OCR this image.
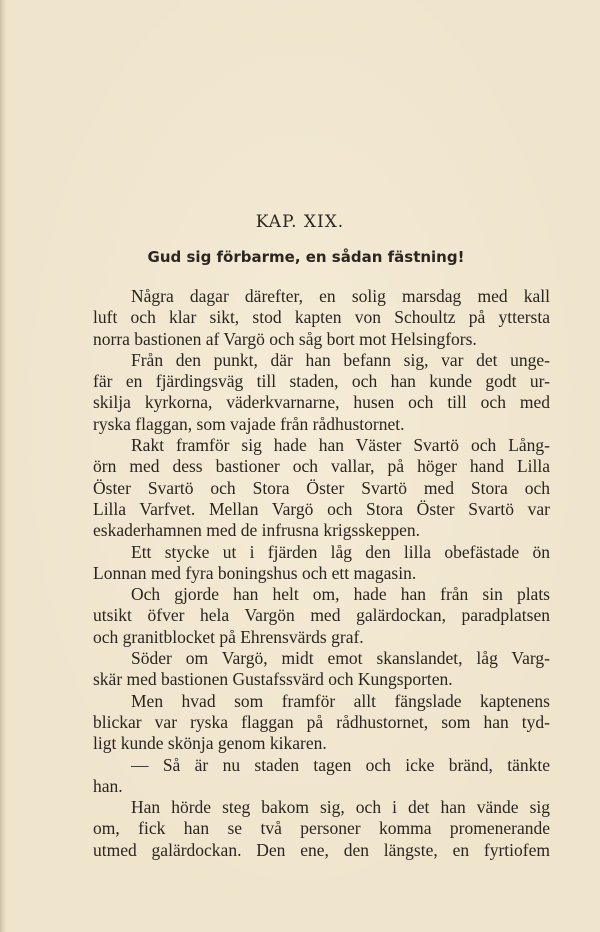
KAP. XIX.
Gud sig förbarme, en sådan fästning!
Några dagar därefter, en solig marsdag med kall
luft och klar sikt, stod kapten von Schoultz på yttersta
norra bastionen af Vargö och såg bort mot Helsingfors.
Från den punkt, där han befann sig, var det unge-
fär en fjärdingsväg till staden, och han kunde godt ur-
skilja kyrkorna, väderkvarnarne, husen och till och med
ryska flaggan, som vajade från rådhustornet.
Rakt framför sig hade han Väster Svartö och Lång-
örn med dess bastioner och vallar, på höger hand Lilla
Öster Svartö och Stora Öster Svartö med Stora och
Lilla Varfvet. Mellan Vargö och Stora Öster Svartö var
eskaderhamnen med de infrusna krigsskeppen.
Ett stycke ut i fjärden låg den lilla obefästade ön
Lonnan med fyra boningshus och ett magasin.
Och gjorde han helt om, hade han från sin plats
utsikt öfver hela Vargön med galärdockan, paradplatsen
och granitblocket på Ehrensvärds graf.
Söder om Vargö, midt emot skanslandet, låg Varg-
skär med bastionen Gustafssvärd och Kungsporten.
Men hvad som framför allt fängslade kaptenens
blickar var ryska flaggan på rådhustornet, som han tyd-
ligt kunde skönja genom kikaren.
— Så är nu staden tagen och icke bränd, tänkte
han.
Han hörde steg bakom sig, och i det han vände sig
om, fick han se två personer komma promenerande
utmed galärdockan. Den ene, den längste, en fyrtiofem
